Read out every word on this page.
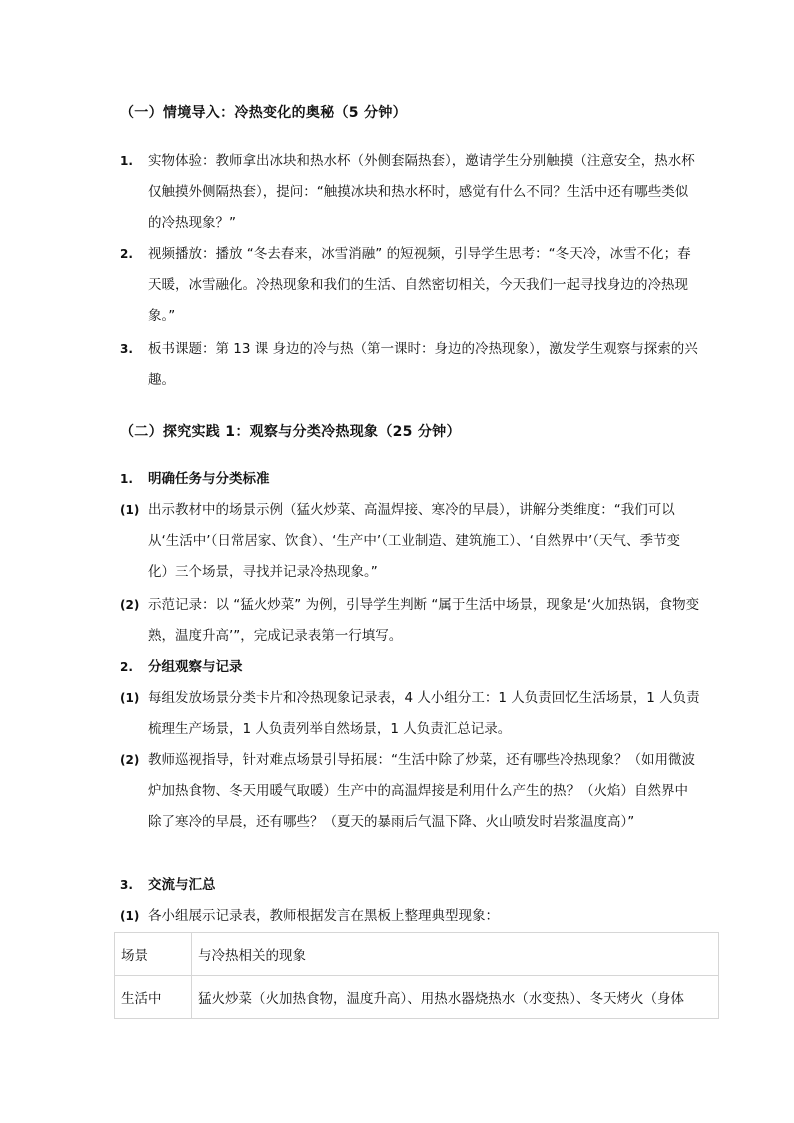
（一）情境导入：冷热变化的奥秘（5 分钟）
1.	实物体验：教师拿出冰块和热水杯（外侧套隔热套），邀请学生分别触摸（注意安全，热水杯仅触摸外侧隔热套），提问：“触摸冰块和热水杯时，感觉有什么不同？生活中还有哪些类似的冷热现象？”
2.	视频播放：播放 “冬去春来，冰雪消融” 的短视频，引导学生思考：“冬天冷，冰雪不化；春天暖，冰雪融化。冷热现象和我们的生活、自然密切相关，今天我们一起寻找身边的冷热现象。”
3.	板书课题：第 13 课 身边的冷与热（第一课时：身边的冷热现象），激发学生观察与探索的兴趣。
（二）探究实践 1：观察与分类冷热现象（25 分钟）
1. 明确任务与分类标准
(1) 出示教材中的场景示例（猛火炒菜、高温焊接、寒冷的早晨），讲解分类维度：“我们可以从‘生活中’（日常居家、饮食）、‘生产中’（工业制造、建筑施工）、‘自然界中’（天气、季节变化）三个场景，寻找并记录冷热现象。”
(2) 示范记录：以 “猛火炒菜” 为例，引导学生判断 “属于生活中场景，现象是‘火加热锅，食物变熟，温度升高’”，完成记录表第一行填写。
2. 分组观察与记录
(1) 每组发放场景分类卡片和冷热现象记录表，4 人小组分工：1 人负责回忆生活场景，1 人负责梳理生产场景，1 人负责列举自然场景，1 人负责汇总记录。
(2) 教师巡视指导，针对难点场景引导拓展：“生活中除了炒菜，还有哪些冷热现象？（如用微波炉加热食物、冬天用暖气取暖）生产中的高温焊接是利用什么产生的热？（火焰）自然界中除了寒冷的早晨，还有哪些？（夏天的暴雨后气温下降、火山喷发时岩浆温度高）”
3. 交流与汇总
(1) 各小组展示记录表，教师根据发言在黑板上整理典型现象：
场景	与冷热相关的现象
生活中	猛火炒菜（火加热食物，温度升高）、用热水器烧热水（水变热）、冬天烤火（身体
